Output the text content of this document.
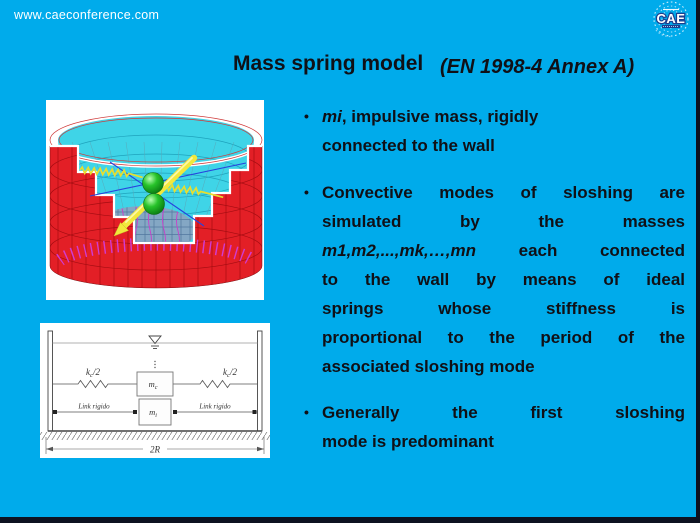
www.caeconference.com	CAE
Mass spring model (EN 1998-4 Annex A)
$k_c/2$	$k_c/2$
$m_c$
Link rigido	Link rigido
$m_i$
2R
• mi, impulsive mass, rigidly
connected to the wall
• Convective modes of sloshing are simulated by the masses m1,m2,...,mk,…,mn each connected to the wall by means of ideal springs whose stiffness is proportional to the period of the associated sloshing mode
• Generally the first sloshing mode is predominant
